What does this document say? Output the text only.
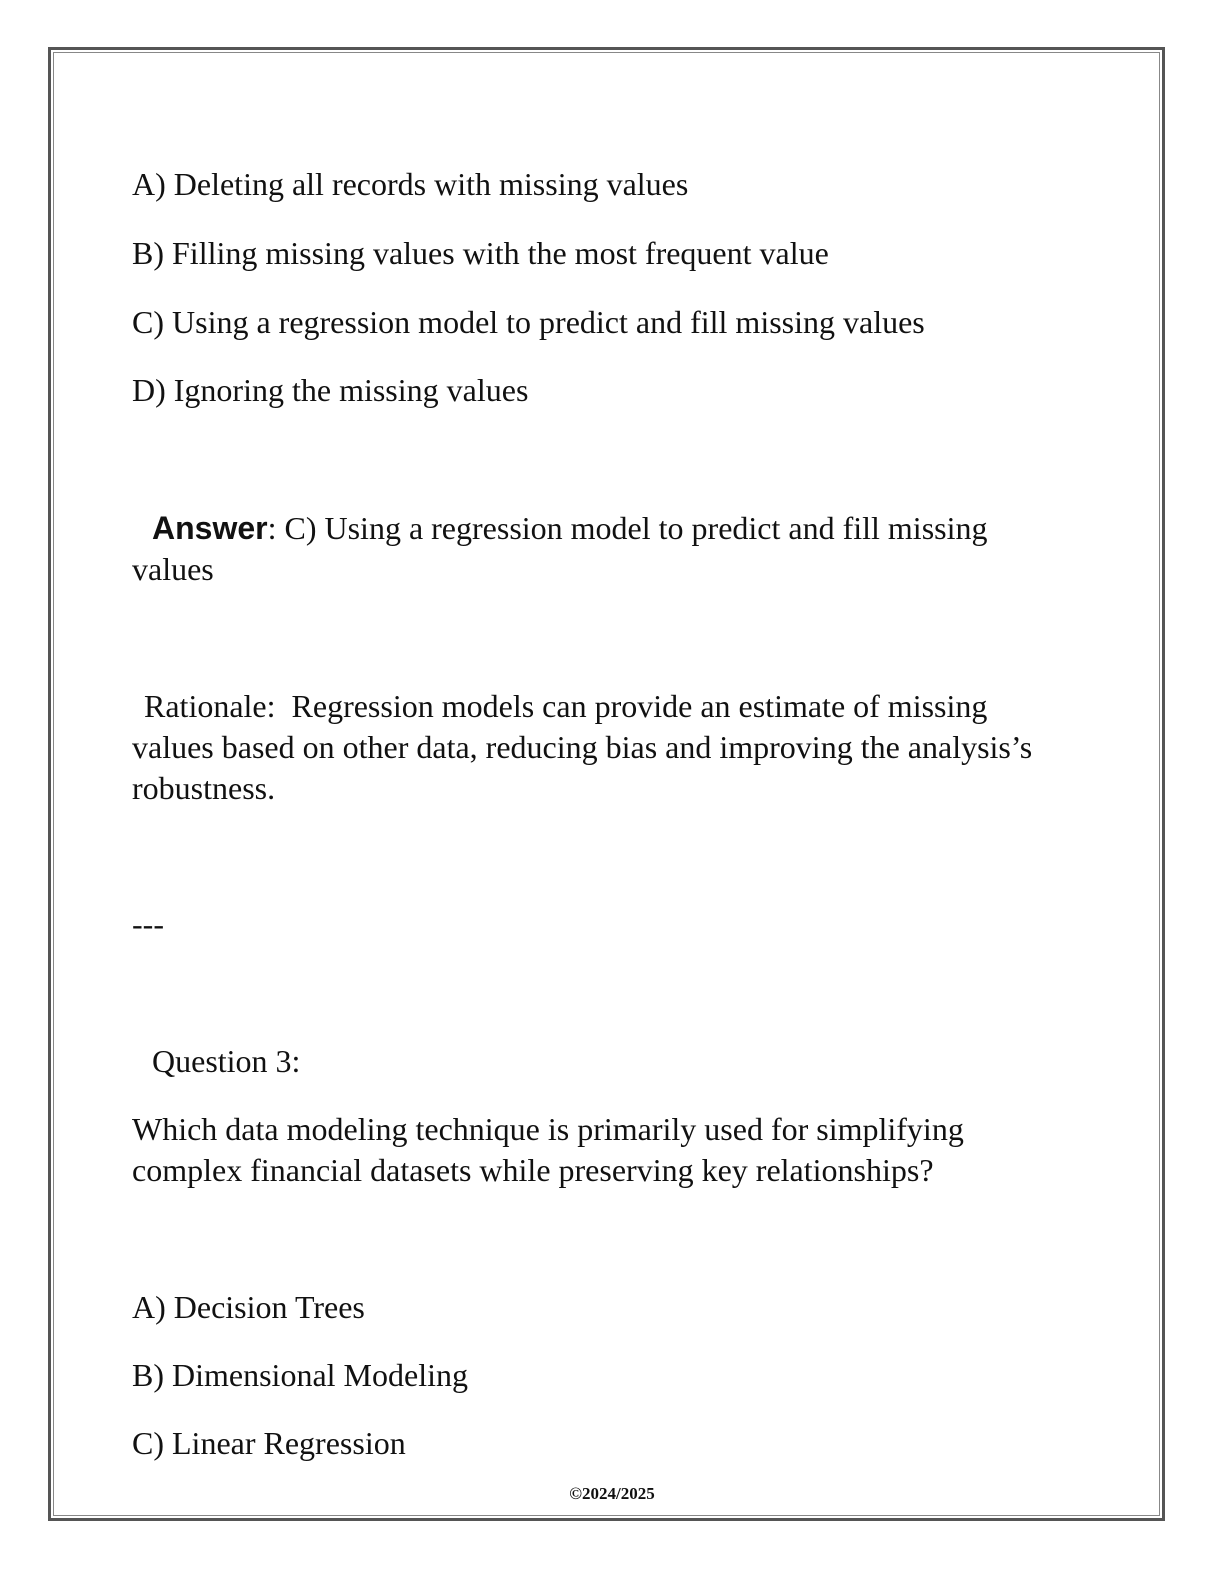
A) Deleting all records with missing values
B) Filling missing values with the most frequent value
C) Using a regression model to predict and fill missing values
D) Ignoring the missing values
Answer: C) Using a regression model to predict and fill missing values
Rationale: Regression models can provide an estimate of missing values based on other data, reducing bias and improving the analysis’s robustness.
---
Question 3:
Which data modeling technique is primarily used for simplifying complex financial datasets while preserving key relationships?
A) Decision Trees
B) Dimensional Modeling
C) Linear Regression
©2024/2025
